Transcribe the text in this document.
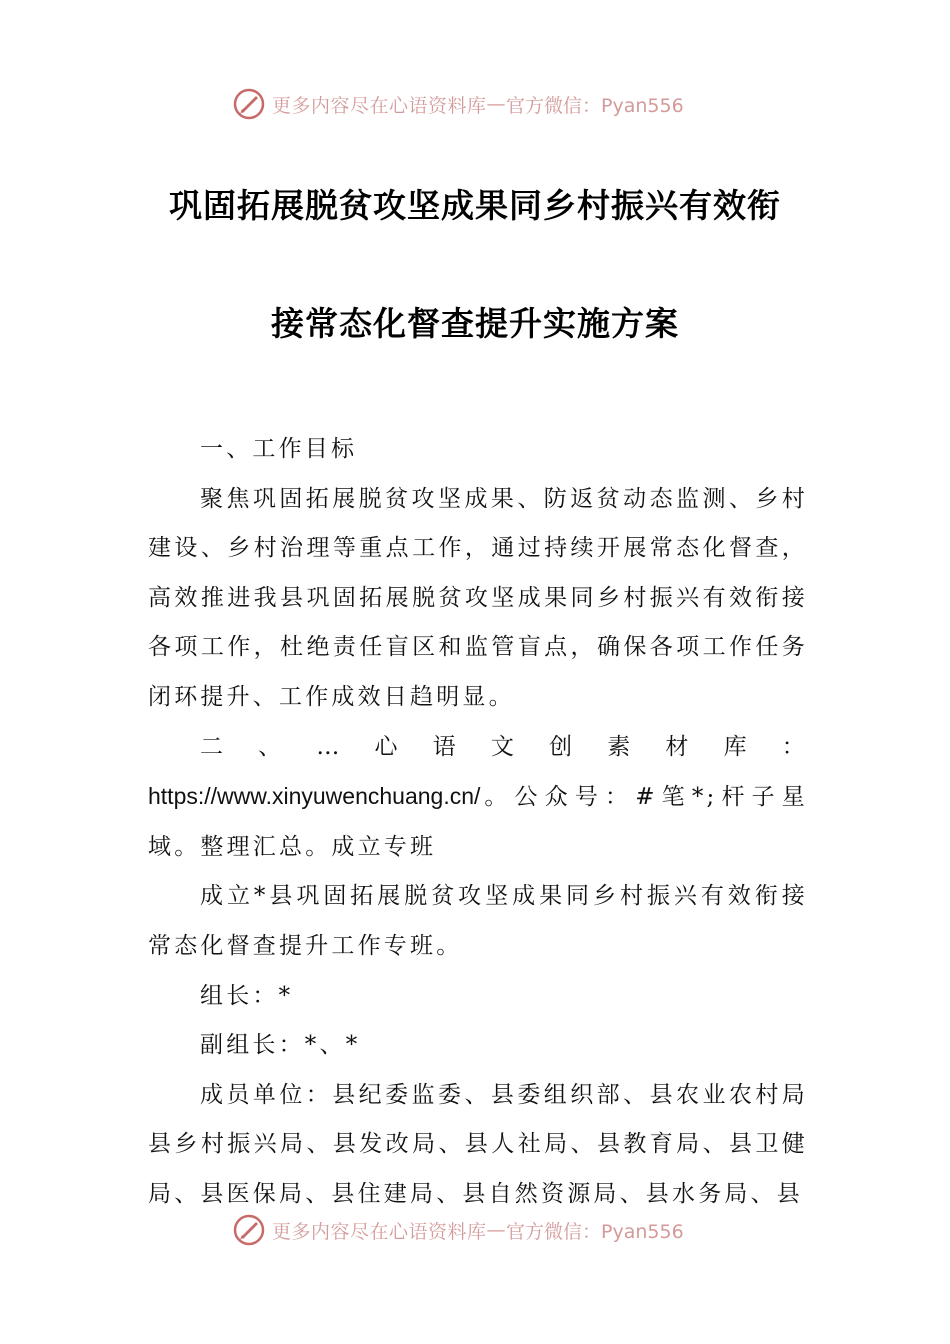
更多内容尽在心语资料库 — 官方微信：Pyan556
巩固拓展脱贫攻坚成果同乡村振兴有效衔
接常态化督查提升实施方案

一、工作目标

聚焦巩固拓展脱贫攻坚成果、防返贫动态监测、乡村建设、乡村治理等重点工作，通过持续开展常态化督查，高效推进我县巩固拓展脱贫攻坚成果同乡村振兴有效衔接各项工作，杜绝责任盲区和监管盲点，确保各项工作任务闭环提升、工作成效日趋明显。

二、…心语文创素材库：https://www.xinyuwenchuang.cn/。公众号：#笔*;杆子星域。整理汇总。成立专班

成立*县巩固拓展脱贫攻坚成果同乡村振兴有效衔接常态化督查提升工作专班。

组长：*

副组长：*、*

成员单位：县纪委监委、县委组织部、县农业农村局县乡村振兴局、县发改局、县人社局、县教育局、县卫健局、县医保局、县住建局、县自然资源局、县水务局、县

更多内容尽在心语资料库 — 官方微信：Pyan556
